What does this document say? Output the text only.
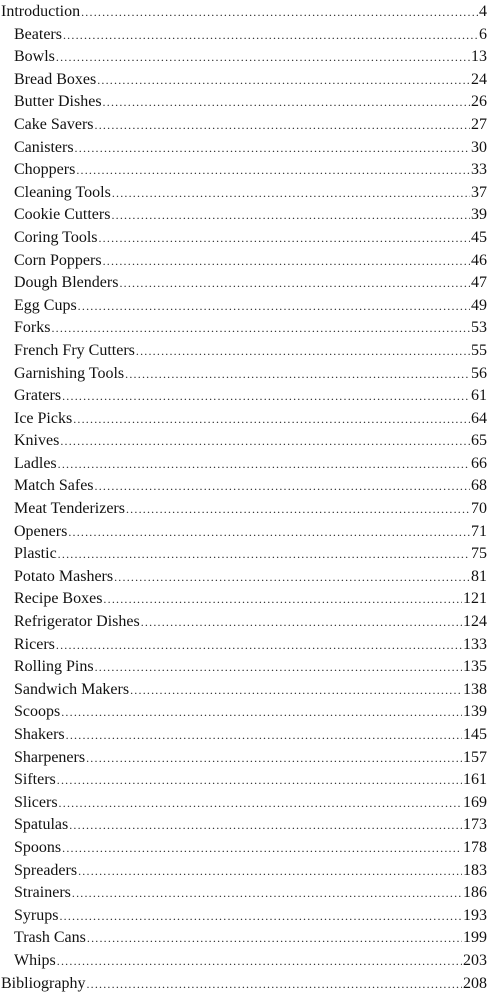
Introduction .....	4
Beaters .....	6
Bowls .....	13
Bread Boxes .....	24
Butter Dishes .....	26
Cake Savers .....	27
Canisters .....	30
Choppers .....	33
Cleaning Tools .....	37
Cookie Cutters .....	39
Coring Tools .....	45
Corn Poppers .....	46
Dough Blenders .....	47
Egg Cups .....	49
Forks .....	53
French Fry Cutters .....	55
Garnishing Tools .....	56
Graters .....	61
Ice Picks .....	64
Knives .....	65
Ladles .....	66
Match Safes .....	68
Meat Tenderizers .....	70
Openers .....	71
Plastic .....	75
Potato Mashers .....	81
Recipe Boxes .....	121
Refrigerator Dishes .....	124
Ricers .....	133
Rolling Pins .....	135
Sandwich Makers .....	138
Scoops .....	139
Shakers .....	145
Sharpeners .....	157
Sifters .....	161
Slicers .....	169
Spatulas .....	173
Spoons .....	178
Spreaders .....	183
Strainers .....	186
Syrups .....	193
Trash Cans .....	199
Whips .....	203
Bibliography .....	208
